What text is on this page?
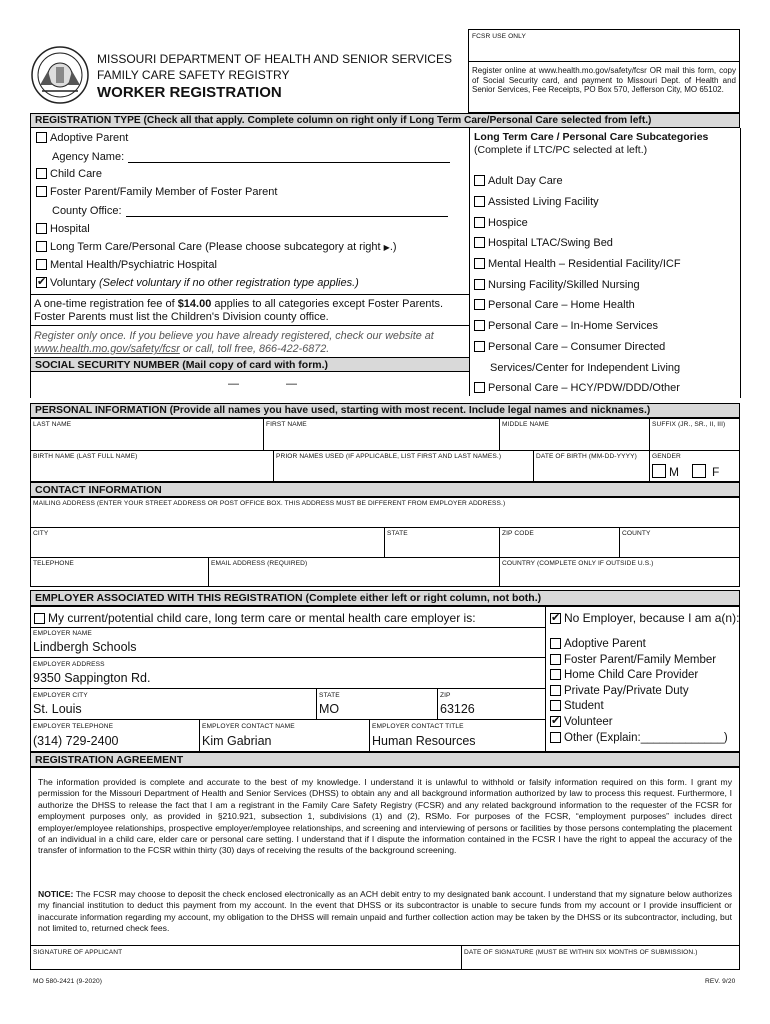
MISSOURI DEPARTMENT OF HEALTH AND SENIOR SERVICES
FAMILY CARE SAFETY REGISTRY
WORKER REGISTRATION
FCSR USE ONLY
Register online at www.health.mo.gov/safety/fcsr OR mail this form, copy of Social Security card, and payment to Missouri Dept. of Health and Senior Services, Fee Receipts, PO Box 570, Jefferson City, MO 65102.
REGISTRATION TYPE (Check all that apply. Complete column on right only if Long Term Care/Personal Care selected from left.)
Adoptive Parent
Agency Name:
Child Care
Foster Parent/Family Member of Foster Parent
County Office:
Hospital
Long Term Care/Personal Care (Please choose subcategory at right ▶.)
Mental Health/Psychiatric Hospital
✔Voluntary (Select voluntary if no other registration type applies.)
A one-time registration fee of $14.00 applies to all categories except Foster Parents.
Foster Parents must list the Children's Division county office.
Register only once. If you believe you have already registered, check our website at
www.health.mo.gov/safety/fcsr or call, toll free, 866-422-6872.
SOCIAL SECURITY NUMBER (Mail copy of card with form.)
—	—
Long Term Care / Personal Care Subcategories
(Complete if LTC/PC selected at left.)
Adult Day Care
Assisted Living Facility
Hospice
Hospital LTAC/Swing Bed
Mental Health – Residential Facility/ICF
Nursing Facility/Skilled Nursing
Personal Care – Home Health
Personal Care – In-Home Services
Personal Care – Consumer Directed
Services/Center for Independent Living
Personal Care – HCY/PDW/DDD/Other
PERSONAL INFORMATION (Provide all names you have used, starting with most recent. Include legal names and nicknames.)
LAST NAME	FIRST NAME	MIDDLE NAME	SUFFIX (JR., SR., II, III)
BIRTH NAME (LAST FULL NAME)	PRIOR NAMES USED (IF APPLICABLE, LIST FIRST AND LAST NAMES.)	DATE OF BIRTH (MM-DD-YYYY) GENDER
M	F
CONTACT INFORMATION
MAILING ADDRESS (ENTER YOUR STREET ADDRESS OR POST OFFICE BOX. THIS ADDRESS MUST BE DIFFERENT FROM EMPLOYER ADDRESS.)
CITY	STATE	ZIP CODE	COUNTY
TELEPHONE	EMAIL ADDRESS (REQUIRED)	COUNTRY (COMPLETE ONLY IF OUTSIDE U.S.)
EMPLOYER ASSOCIATED WITH THIS REGISTRATION (Complete either left or right column, not both.)
My current/potential child care, long term care or mental health care employer is:
✔	No Employer, because I am a(n):
EMPLOYER NAME
Lindbergh Schools
EMPLOYER ADDRESS
9350 Sappington Rd.
EMPLOYER CITY
St. Louis
STATE
MO
ZIP
63126
EMPLOYER TELEPHONE
(314) 729-2400
EMPLOYER CONTACT NAME
Kim Gabrian
EMPLOYER CONTACT TITLE
Human Resources
Adoptive Parent
Foster Parent/Family Member
Home Child Care Provider
Private Pay/Private Duty
Student
✔Volunteer
Other (Explain:_____________)
REGISTRATION AGREEMENT
The information provided is complete and accurate to the best of my knowledge. I understand it is unlawful to withhold or falsify information required on this form. I grant my permission for the Missouri Department of Health and Senior Services (DHSS) to obtain any and all background information authorized by law to process this request. Furthermore, I authorize the DHSS to release the fact that I am a registrant in the Family Care Safety Registry (FCSR) and any related background information to the requester of the FCSR for employment purposes only, as provided in §210.921, subsection 1, subdivisions (1) and (2), RSMo. For purposes of the FCSR, “employment purposes” includes direct employer/employee relationships, prospective employer/employee relationships, and screening and interviewing of persons or facilities by those persons contemplating the placement of an individual in a child care, elder care or personal care setting. I understand that if I dispute the information contained in the FCSR I have the right to appeal the accuracy of the transfer of information to the FCSR within thirty (30) days of receiving the results of the background screening.
NOTICE: The FCSR may choose to deposit the check enclosed electronically as an ACH debit entry to my designated bank account. I understand that my signature below authorizes my financial institution to deduct this payment from my account. In the event that DHSS or its subcontractor is unable to secure funds from my account or I provide insufficient or inaccurate information regarding my account, my obligation to the DHSS will remain unpaid and further collection action may be taken by the DHSS or its subcontractor, including, but not limited to, returned check fees.
SIGNATURE OF APPLICANT	DATE OF SIGNATURE (MUST BE WITHIN SIX MONTHS OF SUBMISSION.)
MO 580-2421 (9-2020)	REV. 9/20
